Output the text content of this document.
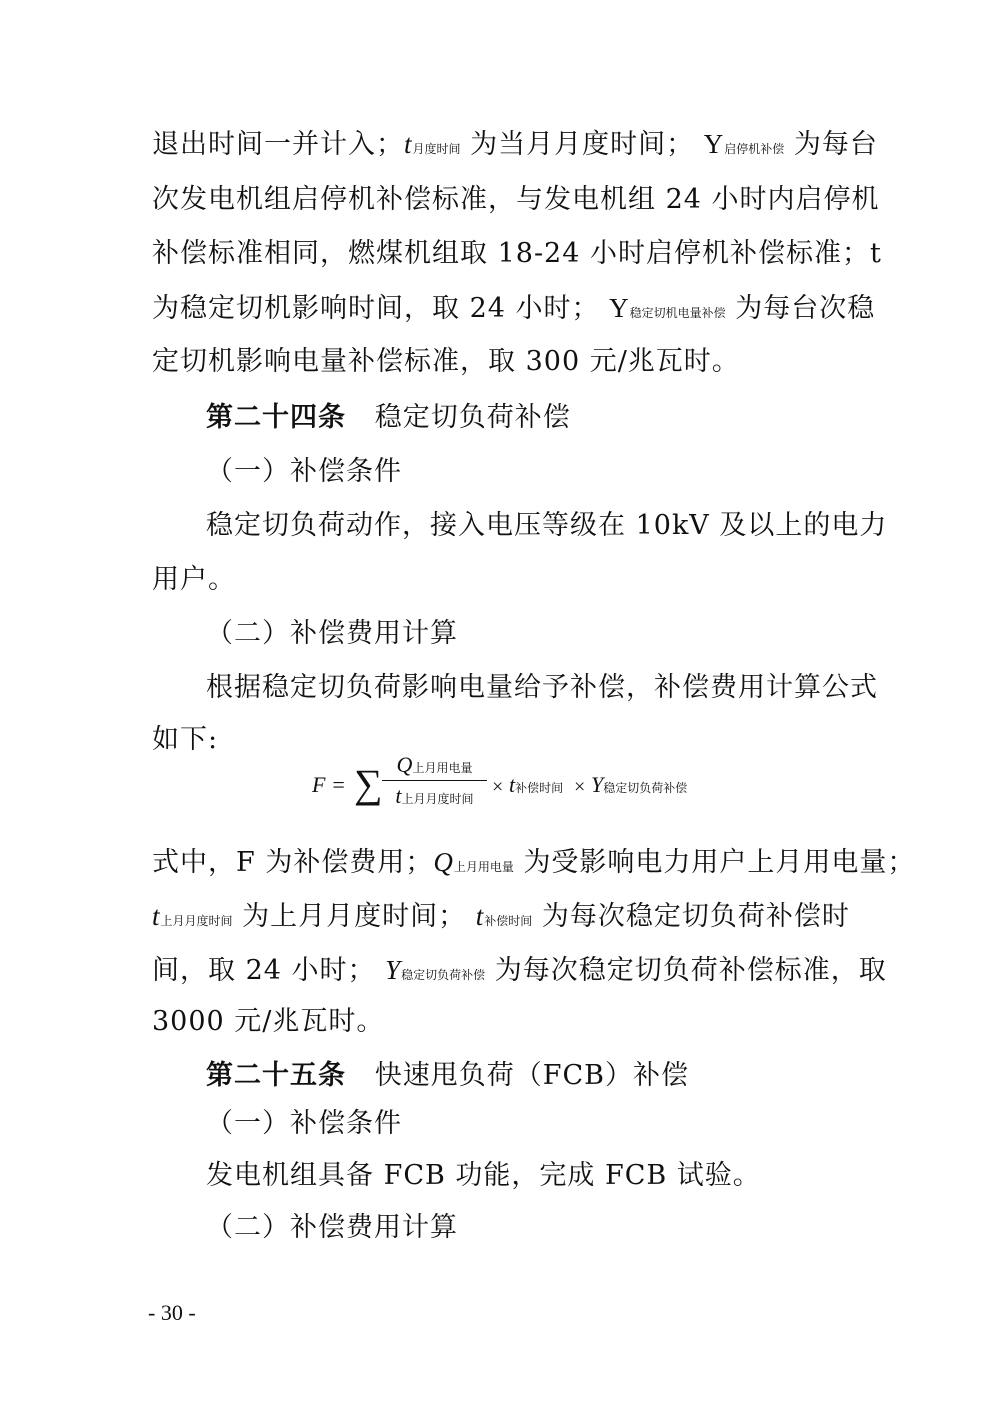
退出时间一并计入；t月度时间 为当月月度时间； Y启停机补偿 为每台
次发电机组启停机补偿标准，与发电机组 24 小时内启停机
补偿标准相同，燃煤机组取 18-24 小时启停机补偿标准；t
为稳定切机影响时间，取 24 小时； Y稳定切机电量补偿 为每台次稳
定切机影响电量补偿标准，取 300 元/兆瓦时。
第二十四条 稳定切负荷补偿
（一）补偿条件
稳定切负荷动作，接入电压等级在 10kV 及以上的电力
用户。
（二）补偿费用计算
根据稳定切负荷影响电量给予补偿，补偿费用计算公式
如下:
F = ∑ Q上月用电量
t上月月度时间
× t补偿时间 × Y稳定切负荷补偿
式中，F 为补偿费用；Q上月用电量 为受影响电力用户上月用电量；
t上月月度时间 为上月月度时间； t补偿时间 为每次稳定切负荷补偿时
间，取 24 小时； Y稳定切负荷补偿 为每次稳定切负荷补偿标准，取
3000 元/兆瓦时。
第二十五条 快速甩负荷（FCB）补偿
（一）补偿条件
发电机组具备 FCB 功能，完成 FCB 试验。
（二）补偿费用计算
- 30 -
